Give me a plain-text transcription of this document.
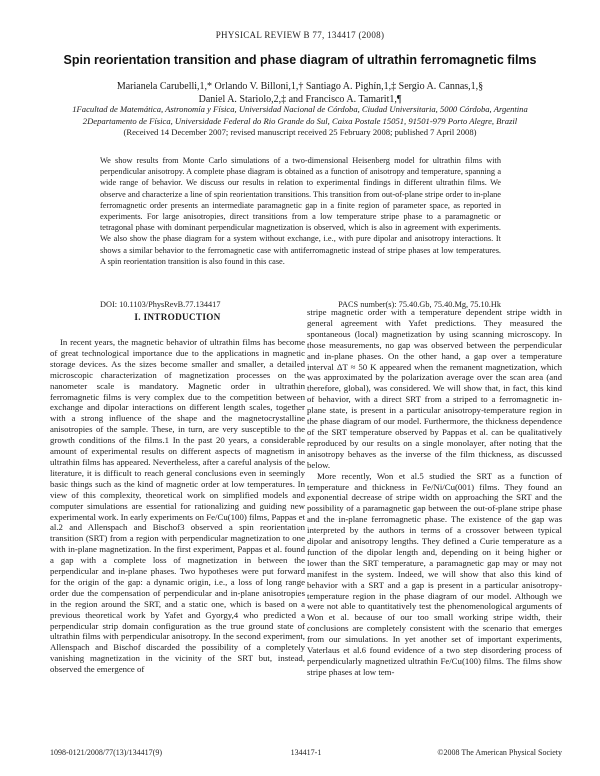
PHYSICAL REVIEW B 77, 134417 (2008)
Spin reorientation transition and phase diagram of ultrathin ferromagnetic films
Marianela Carubelli,1,* Orlando V. Billoni,1,† Santiago A. Pighín,1,‡ Sergio A. Cannas,1,§
Daniel A. Stariolo,2,‡ and Francisco A. Tamarit1,¶
1Facultad de Matemática, Astronomía y Física, Universidad Nacional de Córdoba, Ciudad Universitaria, 5000 Córdoba, Argentina
2Departamento de Física, Universidade Federal do Rio Grande do Sul, Caixa Postale 15051, 91501-979 Porto Alegre, Brazil
(Received 14 December 2007; revised manuscript received 25 February 2008; published 7 April 2008)

We show results from Monte Carlo simulations of a two-dimensional Heisenberg model for ultrathin films with perpendicular anisotropy. A complete phase diagram is obtained as a function of anisotropy and temperature, spanning a wide range of behavior. We discuss our results in relation to experimental findings in different ultrathin films. We observe and characterize a line of spin reorientation transitions. This transition from out-of-plane stripe order to in-plane ferromagnetic order presents an intermediate paramagnetic gap in a finite region of parameter space, as reported in experiments. For large anisotropies, direct transitions from a low temperature stripe phase to a paramagnetic or tetragonal phase with dominant perpendicular magnetization is observed, which is also in agreement with experiments. We also show the phase diagram for a system without exchange, i.e., with pure dipolar and anisotropy interactions. It shows a similar behavior to the ferromagnetic case with antiferromagnetic instead of stripe phases at low temperatures. A spin reorientation transition is also found in this case.

DOI: 10.1103/PhysRevB.77.134417	PACS number(s): 75.40.Gb, 75.40.Mg, 75.10.Hk
I. INTRODUCTION

In recent years, the magnetic behavior of ultrathin films has become of great technological importance due to the applications in magnetic storage devices. As the sizes become smaller and smaller, a detailed microscopic characterization of magnetization processes on the nanometer scale is mandatory. Magnetic order in ultrathin ferromagnetic films is very complex due to the competition between exchange and dipolar interactions on different length scales, together with a strong influence of the shape and the magnetocrystalline anisotropies of the sample. These, in turn, are very susceptible to the growth conditions of the films.1 In the past 20 years, a considerable amount of experimental results on different aspects of magnetism in ultrathin films has appeared. Nevertheless, after a careful analysis of the literature, it is difficult to reach general conclusions even in seemingly basic things such as the kind of magnetic order at low temperatures. In view of this complexity, theoretical work on simplified models and computer simulations are essential for rationalizing and guiding new experimental work. In early experiments on Fe/Cu(100) films, Pappas et al.2 and Allenspach and Bischof3 observed a spin reorientation transition (SRT) from a region with perpendicular magnetization to one with in-plane magnetization. In the first experiment, Pappas et al. found a gap with a complete loss of magnetization in between the perpendicular and in-plane phases. Two hypotheses were put forward for the origin of the gap: a dynamic origin, i.e., a loss of long range order due the compensation of perpendicular and in-plane anisotropies in the region around the SRT, and a static one, which is based on a previous theoretical work by Yafet and Gyorgy,4 who predicted a perpendicular strip domain configuration as the true ground state of ultrathin films with perpendicular anisotropy. In the second experiment, Allenspach and Bischof discarded the possibility of a completely vanishing magnetization in the vicinity of the SRT but, instead, observed the emergence of

stripe magnetic order with a temperature dependent stripe width in general agreement with Yafet predictions. They measured the spontaneous (local) magnetization by using scanning microscopy. In those measurements, no gap was observed between the perpendicular and in-plane phases. On the other hand, a gap over a temperature interval ΔT ≈ 50 K appeared when the remanent magnetization, which was approximated by the polarization average over the scan area (and therefore, global), was considered. We will show that, in fact, this kind of behavior, with a direct SRT from a striped to a ferromagnetic in-plane state, is present in a particular anisotropy-temperature region in the phase diagram of our model. Furthermore, the thickness dependence of the SRT temperature observed by Pappas et al. can be qualitatively reproduced by our results on a single monolayer, after noting that the anisotropy behaves as the inverse of the film thickness, as discussed below.

More recently, Won et al.5 studied the SRT as a function of temperature and thickness in Fe/Ni/Cu(001) films. They found an exponential decrease of stripe width on approaching the SRT and the possibility of a paramagnetic gap between the out-of-plane stripe phase and the in-plane ferromagnetic phase. The existence of the gap was interpreted by the authors in terms of a crossover between typical dipolar and anisotropy lengths. They defined a Curie temperature as a function of the dipolar length and, depending on it being higher or lower than the SRT temperature, a paramagnetic gap may or may not manifest in the system. Indeed, we will show that also this kind of behavior with a SRT and a gap is present in a particular anisotropy-temperature region in the phase diagram of our model. Although we were not able to quantitatively test the phenomenological arguments of Won et al. because of our too small working stripe width, their conclusions are completely consistent with the scenario that emerges from our simulations. In yet another set of important experiments, Vaterlaus et al.6 found evidence of a two step disordering process of perpendicularly magnetized ultrathin Fe/Cu(100) films. The films show stripe phases at low tem-

1098-0121/2008/77(13)/134417(9)	134417-1	©2008 The American Physical Society
